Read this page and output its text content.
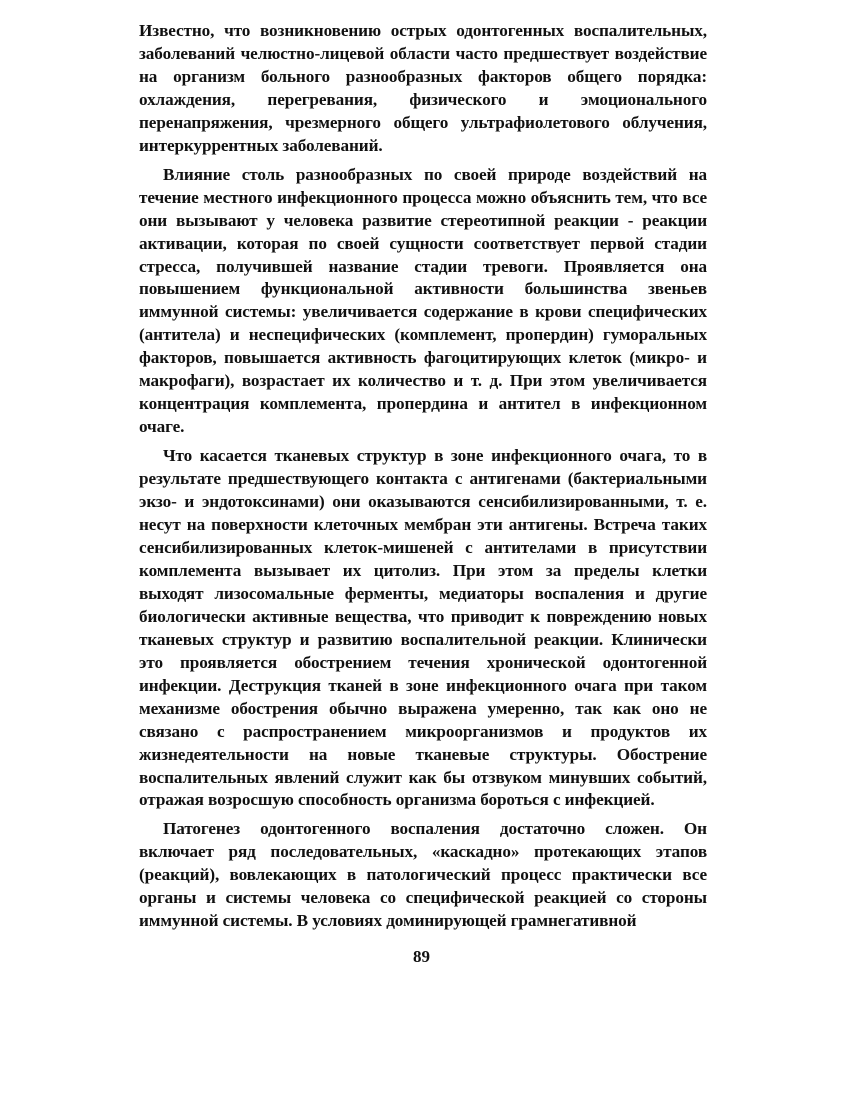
Известно, что возникновению острых одонтогенных воспалительных, заболеваний челюстно-лицевой области часто предшествует воздействие на организм больного разнообразных факторов общего порядка: охлаждения, перегревания, физического и эмоционального перенапряжения, чрезмерного общего ультрафиолетового облучения, интеркуррентных заболеваний.

Влияние столь разнообразных по своей природе воздействий на течение местного инфекционного процесса можно объяснить тем, что все они вызывают у человека развитие стереотипной реакции - реакции активации, которая по своей сущности соответствует первой стадии стресса, получившей название стадии тревоги. Проявляется она повышением функциональной активности большинства звеньев иммунной системы: увеличивается содержание в крови специфических (антитела) и неспецифических (комплемент, пропердин) гуморальных факторов, повышается активность фагоцитирующих клеток (микро- и макрофаги), возрастает их количество и т. д. При этом увеличивается концентрация комплемента, пропердина и антител в инфекционном очаге.

Что касается тканевых структур в зоне инфекционного очага, то в результате предшествующего контакта с антигенами (бактериальными экзо- и эндотоксинами) они оказываются сенсибилизированными, т. е. несут на поверхности клеточных мембран эти антигены. Встреча таких сенсибилизированных клеток-мишеней с антителами в присутствии комплемента вызывает их цитолиз. При этом за пределы клетки выходят лизосомальные ферменты, медиаторы воспаления и другие биологически активные вещества, что приводит к повреждению новых тканевых структур и развитию воспалительной реакции. Клинически это проявляется обострением течения хронической одонтогенной инфекции. Деструкция тканей в зоне инфекционного очага при таком механизме обострения обычно выражена умеренно, так как оно не связано с распространением микроорганизмов и продуктов их жизнедеятельности на новые тканевые структуры. Обострение воспалительных явлений служит как бы отзвуком минувших событий, отражая возросшую способность организма бороться с инфекцией.

Патогенез одонтогенного воспаления достаточно сложен. Он включает ряд последовательных, «каскадно» протекающих этапов (реакций), вовлекающих в патологический процесс практически все органы и системы человека со специфической реакцией со стороны иммунной системы. В условиях доминирующей грамнегативной

89
